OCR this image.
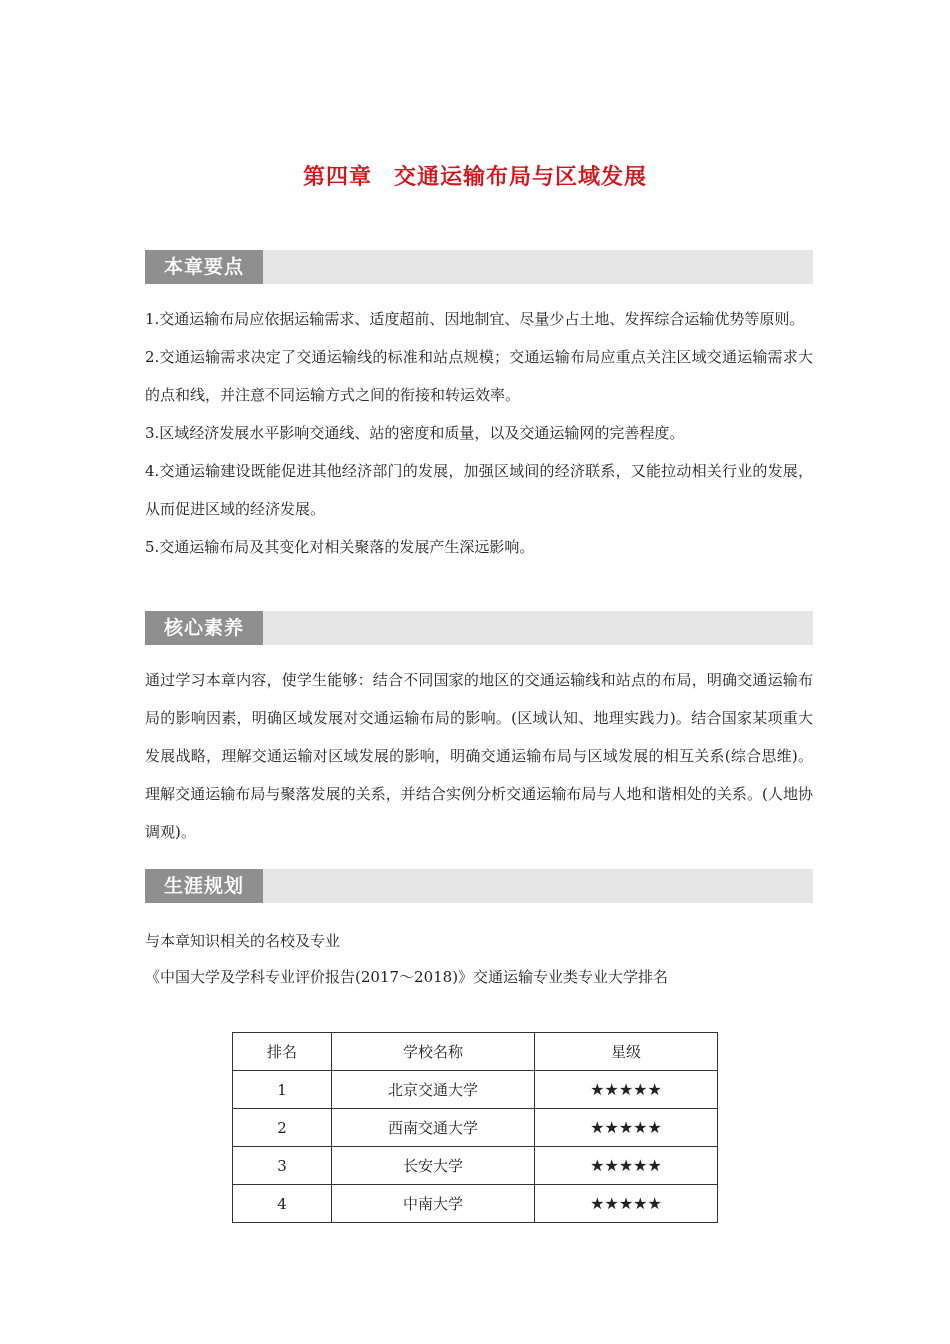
第四章 交通运输布局与区域发展
本章要点

1.交通运输布局应依据运输需求、适度超前、因地制宜、尽量少占土地、发挥综合运输优势等原则。

2.交通运输需求决定了交通运输线的标准和站点规模；交通运输布局应重点关注区域交通运输需求大的点和线，并注意不同运输方式之间的衔接和转运效率。

3.区域经济发展水平影响交通线、站的密度和质量，以及交通运输网的完善程度。

4.交通运输建设既能促进其他经济部门的发展，加强区域间的经济联系，又能拉动相关行业的发展，从而促进区域的经济发展。

5.交通运输布局及其变化对相关聚落的发展产生深远影响。

核心素养

通过学习本章内容，使学生能够：结合不同国家的地区的交通运输线和站点的布局，明确交通运输布局的影响因素，明确区域发展对交通运输布局的影响。(区域认知、地理实践力)。结合国家某项重大发展战略，理解交通运输对区域发展的影响，明确交通运输布局与区域发展的相互关系(综合思维)。理解交通运输布局与聚落发展的关系，并结合实例分析交通运输布局与人地和谐相处的关系。(人地协调观)。

生涯规划
与本章知识相关的名校及专业
《中国大学及学科专业评价报告(2017～2018)》交通运输专业类专业大学排名
排名	学校名称	星级
1	北京交通大学	★★★★★
2	西南交通大学	★★★★★
3	长安大学	★★★★★
4	中南大学	★★★★★
